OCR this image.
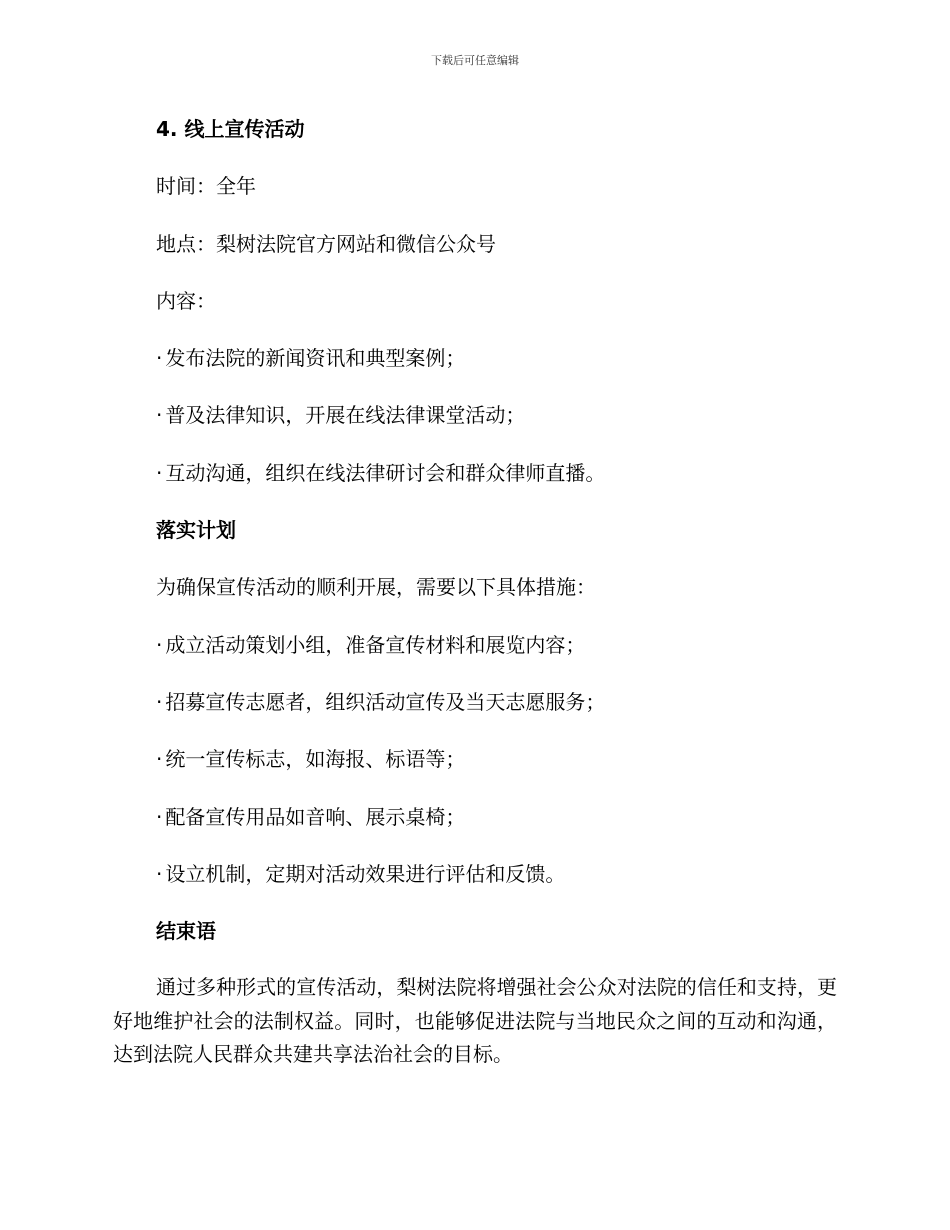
下载后可任意编辑
4. 线上宣传活动
时间：全年
地点：梨树法院官方网站和微信公众号
内容：
· 发布法院的新闻资讯和典型案例；
· 普及法律知识，开展在线法律课堂活动；
· 互动沟通，组织在线法律研讨会和群众律师直播。
落实计划
为确保宣传活动的顺利开展，需要以下具体措施：
· 成立活动策划小组，准备宣传材料和展览内容；
· 招募宣传志愿者，组织活动宣传及当天志愿服务；
· 统一宣传标志，如海报、标语等；
· 配备宣传用品如音响、展示桌椅；
· 设立机制，定期对活动效果进行评估和反馈。
结束语

通过多种形式的宣传活动，梨树法院将增强社会公众对法院的信任和支持，更好地维护社会的法制权益。同时，也能够促进法院与当地民众之间的互动和沟通，达到法院人民群众共建共享法治社会的目标。
